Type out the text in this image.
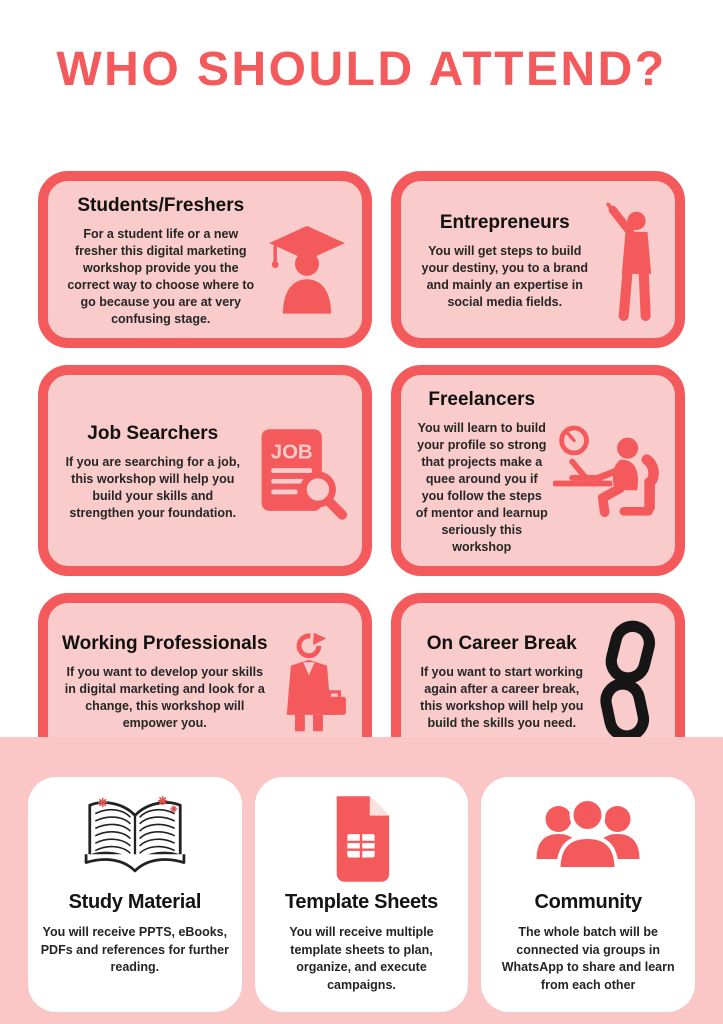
WHO SHOULD ATTEND?
Students/Freshers

For a student life or a new fresher this digital marketing workshop provide you the correct way to choose where to go because you are at very confusing stage.

Entrepreneurs

You will get steps to build your destiny, you to a brand and mainly an expertise in social media fields.

Job Searchers

If you are searching for a job, this workshop will help you build your skills and strengthen your foundation.

JOB
Freelancers

You will learn to build your profile so strong that projects make a quee around you if you follow the steps of mentor and learnup seriously this workshop

Working Professionals

If you want to develop your skills in digital marketing and look for a change, this workshop will empower you.

On Career Break

If you want to start working again after a career break, this workshop will help you build the skills you need.

Study Material

You will receive PPTS, eBooks, PDFs and references for further reading.

Template Sheets

You will receive multiple template sheets to plan, organize, and execute campaigns.

Community

The whole batch will be connected via groups in WhatsApp to share and learn from each other
